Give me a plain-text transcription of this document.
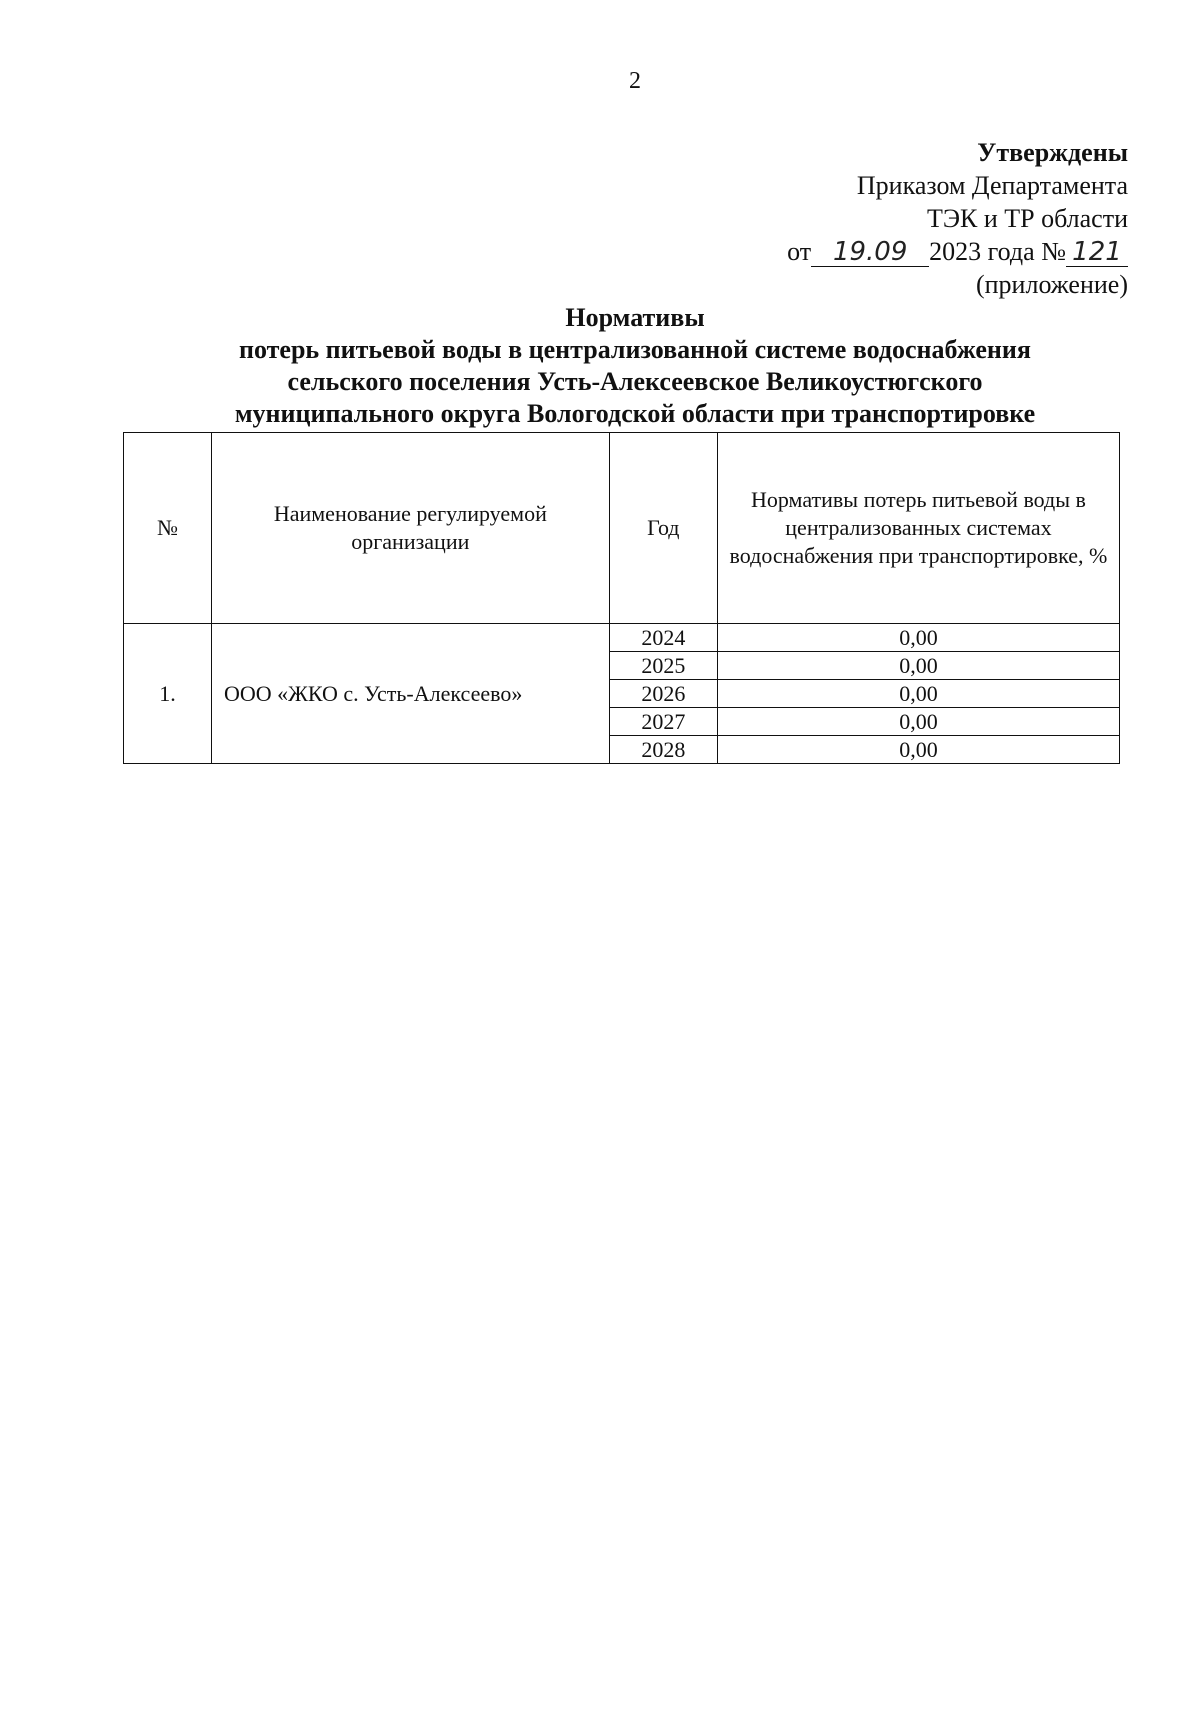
2
Утверждены
Приказом Департамента
ТЭК и ТР области
от 19.09 2023 года № 121
(приложение)
Нормативы
потерь питьевой воды в централизованной системе водоснабжения
сельского поселения Усть-Алексеевское Великоустюгского
муниципального округа Вологодской области при транспортировке
№	Наименование регулируемой организации	Год	Нормативы потерь питьевой воды в централизованных системах водоснабжения при транспортировке, %
1.	ООО «ЖКО с. Усть-Алексеево»	2024	0,00
		2025	0,00
		2026	0,00
		2027	0,00
		2028	0,00
